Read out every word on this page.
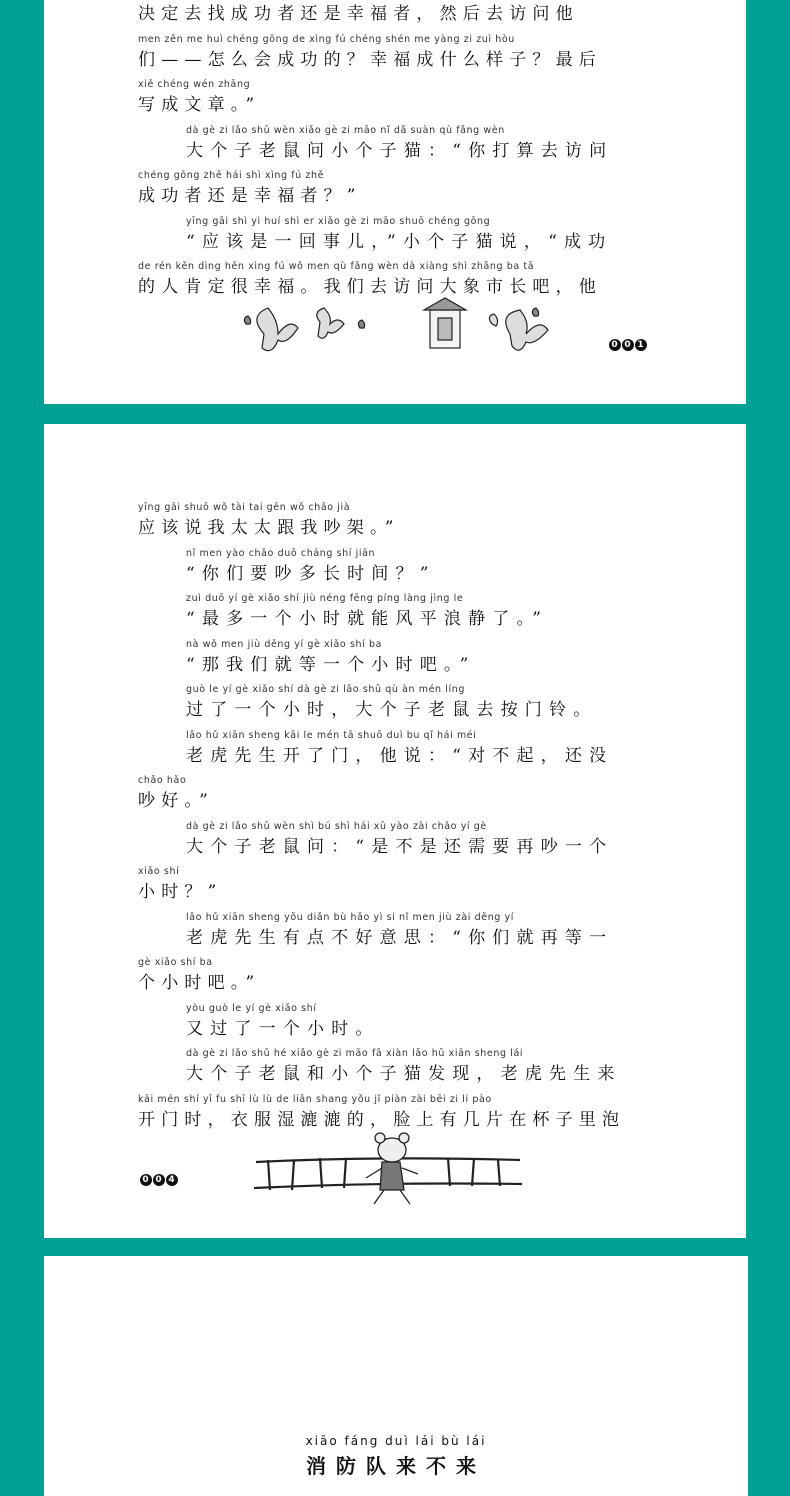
决定去找成功者还是幸福者，然后去访问他
men zěn me huì chéng gōng de xìng fú chéng shén me yàng zi zuì hòu
们——怎么会成功的？幸福成什么样子？最后
xiě chéng wén zhāng
写成文章。”
dà gè zi lǎo shǔ wèn xiǎo gè zi māo nǐ dǎ suàn qù fǎng wèn
大个子老鼠问小个子猫：“你打算去访问
chéng gōng zhě hái shì xìng fú zhě
成功者还是幸福者？”
yīng gāi shì yì huí shì er xiǎo gè zi māo shuō chéng gōng
“应该是一回事儿，”小个子猫说，“成功
de rén kěn dìng hěn xìng fú wǒ men qù fǎng wèn dà xiàng shì zhǎng ba tā
的人肯定很幸福。我们去访问大象市长吧，他
0 0 1
yīng gāi shuō wǒ tài tai gēn wǒ chǎo jià
应该说我太太跟我吵架。”
nǐ men yào chǎo duō cháng shí jiān
“你们要吵多长时间？”
zuì duō yí gè xiǎo shí jiù néng fēng píng làng jìng le
“最多一个小时就能风平浪静了。”
nà wǒ men jiù děng yí gè xiǎo shí ba
“那我们就等一个小时吧。”
guò le yí gè xiǎo shí dà gè zi lǎo shǔ qù àn mén líng
过了一个小时，大个子老鼠去按门铃。
lǎo hǔ xiān sheng kāi le mén tā shuō duì bu qǐ hái méi
老虎先生开了门，他说：“对不起，还没
chǎo hǎo
吵好。”
dà gè zi lǎo shǔ wèn shì bú shì hái xū yào zài chǎo yí gè
大个子老鼠问：“是不是还需要再吵一个
xiǎo shí
小时？”
lǎo hǔ xiān sheng yǒu diǎn bù hǎo yì si nǐ men jiù zài děng yí
老虎先生有点不好意思：“你们就再等一
gè xiǎo shí ba
个小时吧。”
yòu guò le yí gè xiǎo shí
又过了一个小时。
dà gè zi lǎo shǔ hé xiǎo gè zi māo fā xiàn lǎo hǔ xiān sheng lái
大个子老鼠和小个子猫发现，老虎先生来
kāi mén shí yī fu shī lù lù de liǎn shang yǒu jǐ piàn zài bēi zi li pào
开门时，衣服湿漉漉的，脸上有几片在杯子里泡
0 0 4
xiāo fáng duì lái bù lái
消防队来不来
